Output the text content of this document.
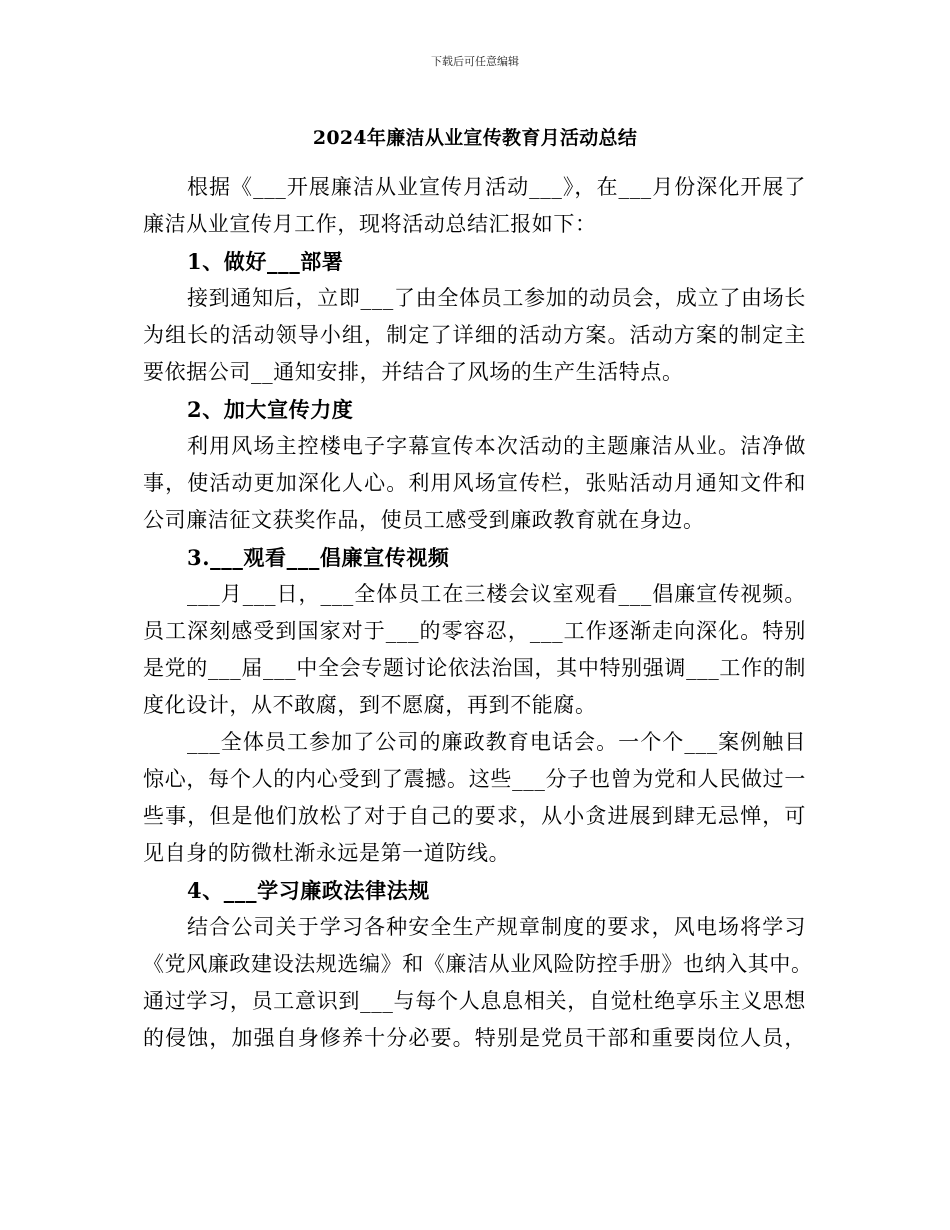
下载后可任意编辑
2024年廉洁从业宣传教育月活动总结
根据《___开展廉洁从业宣传月活动___》，在___月份深化开展了
廉洁从业宣传月工作，现将活动总结汇报如下：
1、做好___部署
接到通知后，立即___了由全体员工参加的动员会，成立了由场长
为组长的活动领导小组，制定了详细的活动方案。活动方案的制定主
要依据公司__通知安排，并结合了风场的生产生活特点。
2、加大宣传力度
利用风场主控楼电子字幕宣传本次活动的主题廉洁从业。洁净做
事，使活动更加深化人心。利用风场宣传栏，张贴活动月通知文件和
公司廉洁征文获奖作品，使员工感受到廉政教育就在身边。
3.___观看___倡廉宣传视频
___月___日，___全体员工在三楼会议室观看___倡廉宣传视频。
员工深刻感受到国家对于___的零容忍，___工作逐渐走向深化。特别
是党的___届___中全会专题讨论依法治国，其中特别强调___工作的制
度化设计，从不敢腐，到不愿腐，再到不能腐。
___全体员工参加了公司的廉政教育电话会。一个个___案例触目
惊心，每个人的内心受到了震撼。这些___分子也曾为党和人民做过一
些事，但是他们放松了对于自己的要求，从小贪进展到肆无忌惮，可
见自身的防微杜渐永远是第一道防线。
4、___学习廉政法律法规
结合公司关于学习各种安全生产规章制度的要求，风电场将学习
《党风廉政建设法规选编》和《廉洁从业风险防控手册》也纳入其中。
通过学习，员工意识到___与每个人息息相关，自觉杜绝享乐主义思想
的侵蚀，加强自身修养十分必要。特别是党员干部和重要岗位人员，
